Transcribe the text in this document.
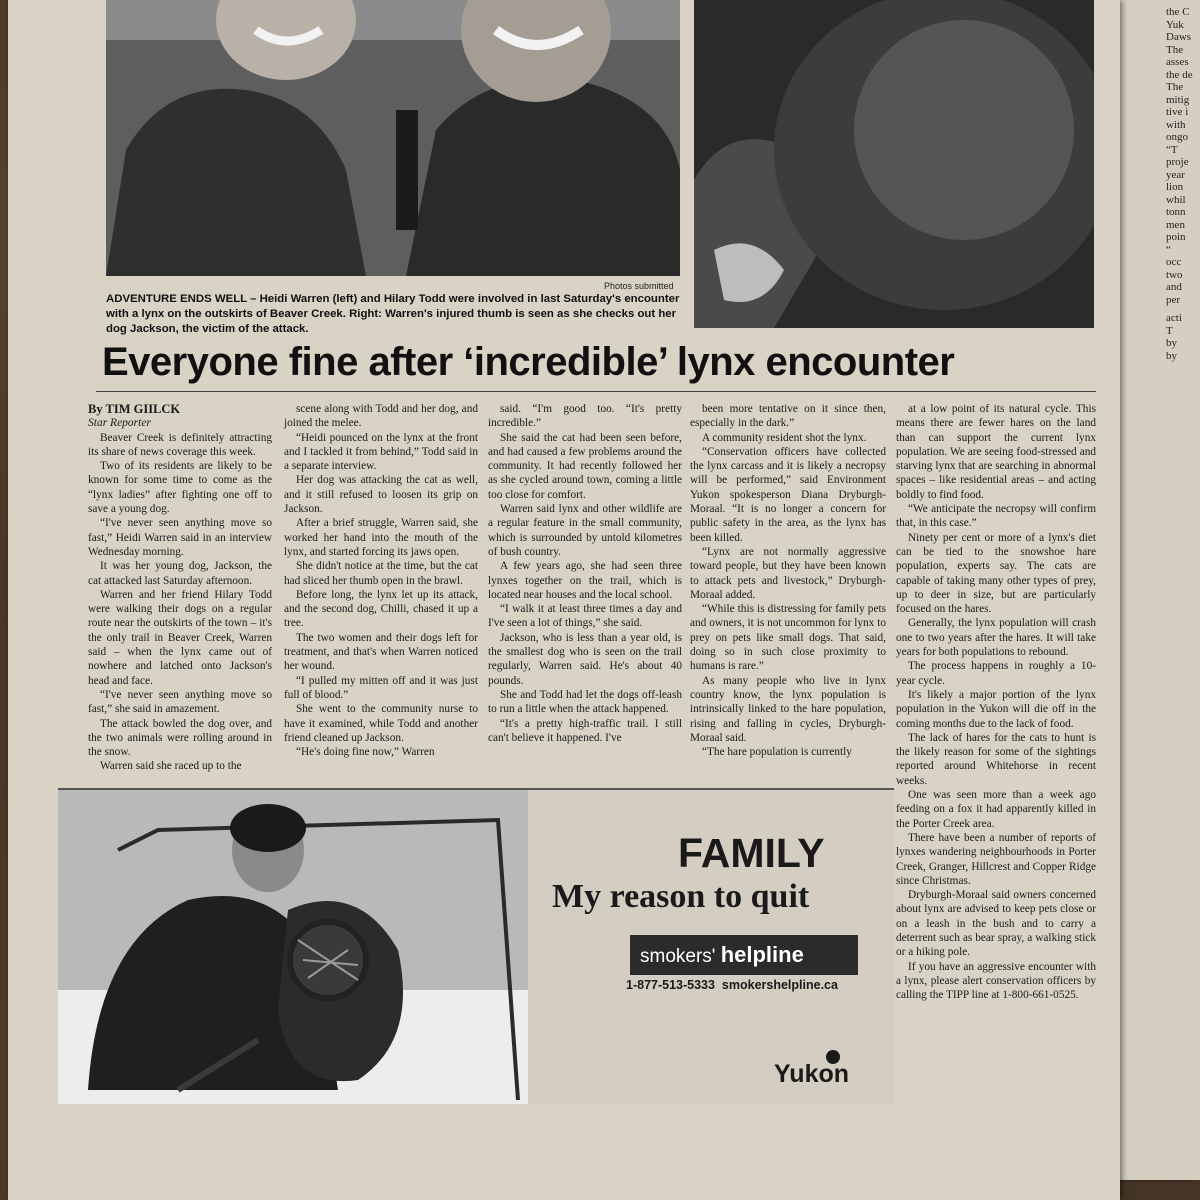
the C
Yuk
Daws
The
asses
the de
The
mitig
tive i
with
ongo
“T
proje
year
lion
whil
tonn
men
poin
“
occ
two
and
per
acti
T
by
by
Photos submitted
ADVENTURE ENDS WELL – Heidi Warren (left) and Hilary Todd were involved in last Saturday's encounter with a lynx on the outskirts of Beaver Creek. Right: Warren's injured thumb is seen as she checks out her dog Jackson, the victim of the attack.
Everyone fine after ‘incredible’ lynx encounter

By TIM GIILCK

Star Reporter

Beaver Creek is definitely attracting its share of news coverage this week.

Two of its residents are likely to be known for some time to come as the “lynx ladies” after fighting one off to save a young dog.

“I've never seen anything move so fast,” Heidi Warren said in an interview Wednesday morning.

It was her young dog, Jackson, the cat attacked last Saturday afternoon.

Warren and her friend Hilary Todd were walking their dogs on a regular route near the outskirts of the town – it's the only trail in Beaver Creek, Warren said – when the lynx came out of nowhere and latched onto Jackson's head and face.

“I've never seen anything move so fast,” she said in amazement.

The attack bowled the dog over, and the two animals were rolling around in the snow.

Warren said she raced up to the

scene along with Todd and her dog, and joined the melee.

“Heidi pounced on the lynx at the front and I tackled it from behind,” Todd said in a separate interview.

Her dog was attacking the cat as well, and it still refused to loosen its grip on Jackson.

After a brief struggle, Warren said, she worked her hand into the mouth of the lynx, and started forcing its jaws open.

She didn't notice at the time, but the cat had sliced her thumb open in the brawl.

Before long, the lynx let up its attack, and the second dog, Chilli, chased it up a tree.

The two women and their dogs left for treatment, and that's when Warren noticed her wound.

“I pulled my mitten off and it was just full of blood.”

She went to the community nurse to have it examined, while Todd and another friend cleaned up Jackson.

“He's doing fine now,” Warren

said. “I'm good too. “It's pretty incredible.”

She said the cat had been seen before, and had caused a few problems around the community. It had recently followed her as she cycled around town, coming a little too close for comfort.

Warren said lynx and other wildlife are a regular feature in the small community, which is surrounded by untold kilometres of bush country.

A few years ago, she had seen three lynxes together on the trail, which is located near houses and the local school.

“I walk it at least three times a day and I've seen a lot of things,” she said.

Jackson, who is less than a year old, is the smallest dog who is seen on the trail regularly, Warren said. He's about 40 pounds.

She and Todd had let the dogs off-leash to run a little when the attack happened.

“It's a pretty high-traffic trail. I still can't believe it happened. I've

been more tentative on it since then, especially in the dark.”

A community resident shot the lynx.

“Conservation officers have collected the lynx carcass and it is likely a necropsy will be performed,” said Environment Yukon spokesperson Diana Dryburgh-Moraal. “It is no longer a concern for public safety in the area, as the lynx has been killed.

“Lynx are not normally aggressive toward people, but they have been known to attack pets and livestock,” Dryburgh-Moraal added.

“While this is distressing for family pets and owners, it is not uncommon for lynx to prey on pets like small dogs. That said, doing so in such close proximity to humans is rare.”

As many people who live in lynx country know, the lynx population is intrinsically linked to the hare population, rising and falling in cycles, Dryburgh-Moraal said.

“The hare population is currently

at a low point of its natural cycle. This means there are fewer hares on the land than can support the current lynx population. We are seeing food-stressed and starving lynx that are searching in abnormal spaces – like residential areas – and acting boldly to find food.

“We anticipate the necropsy will confirm that, in this case.”

Ninety per cent or more of a lynx's diet can be tied to the snowshoe hare population, experts say. The cats are capable of taking many other types of prey, up to deer in size, but are particularly focused on the hares.

Generally, the lynx population will crash one to two years after the hares. It will take years for both populations to rebound.

The process happens in roughly a 10-year cycle.

It's likely a major portion of the lynx population in the Yukon will die off in the coming months due to the lack of food.

The lack of hares for the cats to hunt is the likely reason for some of the sightings reported around Whitehorse in recent weeks.

One was seen more than a week ago feeding on a fox it had apparently killed in the Porter Creek area.

There have been a number of reports of lynxes wandering neighbourhoods in Porter Creek, Granger, Hillcrest and Copper Ridge since Christmas.

Dryburgh-Moraal said owners concerned about lynx are advised to keep pets close or on a leash in the bush and to carry a deterrent such as bear spray, a walking stick or a hiking pole.

If you have an aggressive encounter with a lynx, please alert conservation officers by calling the TIPP line at 1-800-661-0525.

FAMILY
My reason to quit
smokers' helpline
1-877-513-5333 smokershelpline.ca
Yukon
